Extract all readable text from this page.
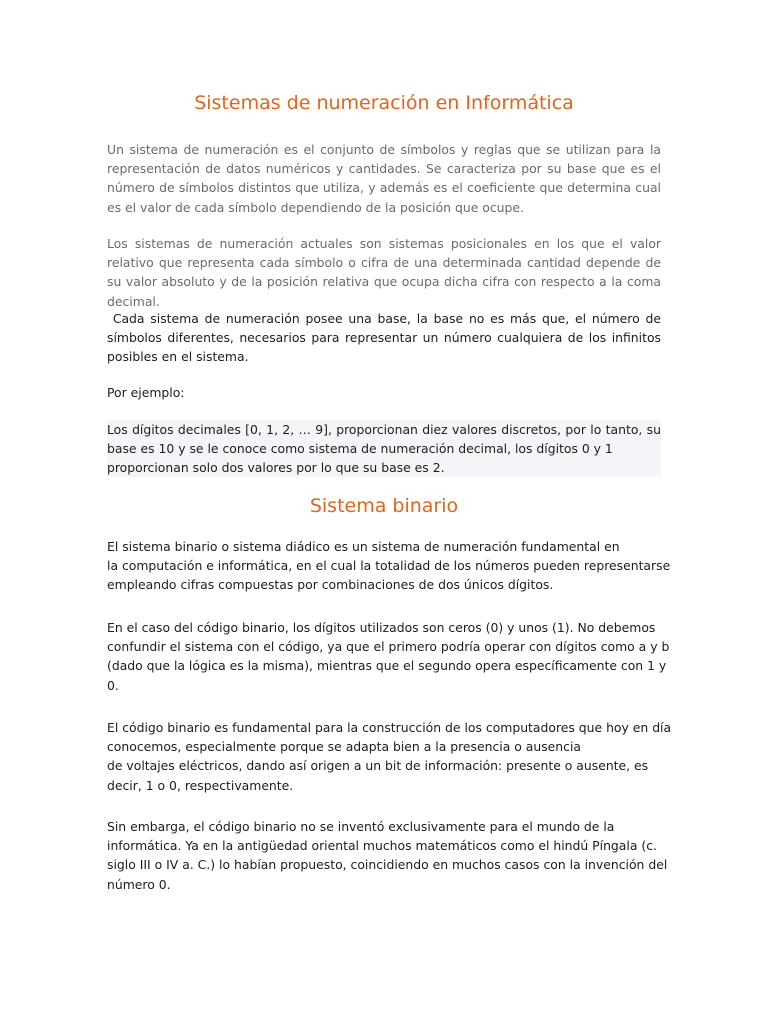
Sistemas de numeración en Informática

Un sistema de numeración es el conjunto de símbolos y reglas que se utilizan para la representación de datos numéricos y cantidades. Se caracteriza por su base que es el número de símbolos distintos que utiliza, y además es el coeficiente que determina cual es el valor de cada símbolo dependiendo de la posición que ocupe.

Los sistemas de numeración actuales son sistemas posicionales en los que el valor relativo que representa cada símbolo o cifra de una determinada cantidad depende de su valor absoluto y de la posición relativa que ocupa dicha cifra con respecto a la coma decimal.

Cada sistema de numeración posee una base, la base no es más que, el número de símbolos diferentes, necesarios para representar un número cualquiera de los infinitos posibles en el sistema.

Por ejemplo:

Los dígitos decimales [0, 1, 2, … 9], proporcionan diez valores discretos, por lo tanto, su
base es 10 y se le conoce como sistema de numeración decimal, los dígitos 0 y 1
proporcionan solo dos valores por lo que su base es 2.
Sistema binario
El sistema binario o sistema diádico es un sistema de numeración fundamental en
la computación e informática, en el cual la totalidad de los números pueden representarse
empleando cifras compuestas por combinaciones de dos únicos dígitos.
En el caso del código binario, los dígitos utilizados son ceros (0) y unos (1). No debemos
confundir el sistema con el código, ya que el primero podría operar con dígitos como a y b
(dado que la lógica es la misma), mientras que el segundo opera específicamente con 1 y
0.
El código binario es fundamental para la construcción de los computadores que hoy en día
conocemos, especialmente porque se adapta bien a la presencia o ausencia
de voltajes eléctricos, dando así origen a un bit de información: presente o ausente, es
decir, 1 o 0, respectivamente.
Sin embarga, el código binario no se inventó exclusivamente para el mundo de la
informática. Ya en la antigüedad oriental muchos matemáticos como el hindú Píngala (c.
siglo III o IV a. C.) lo habían propuesto, coincidiendo en muchos casos con la invención del
número 0.
